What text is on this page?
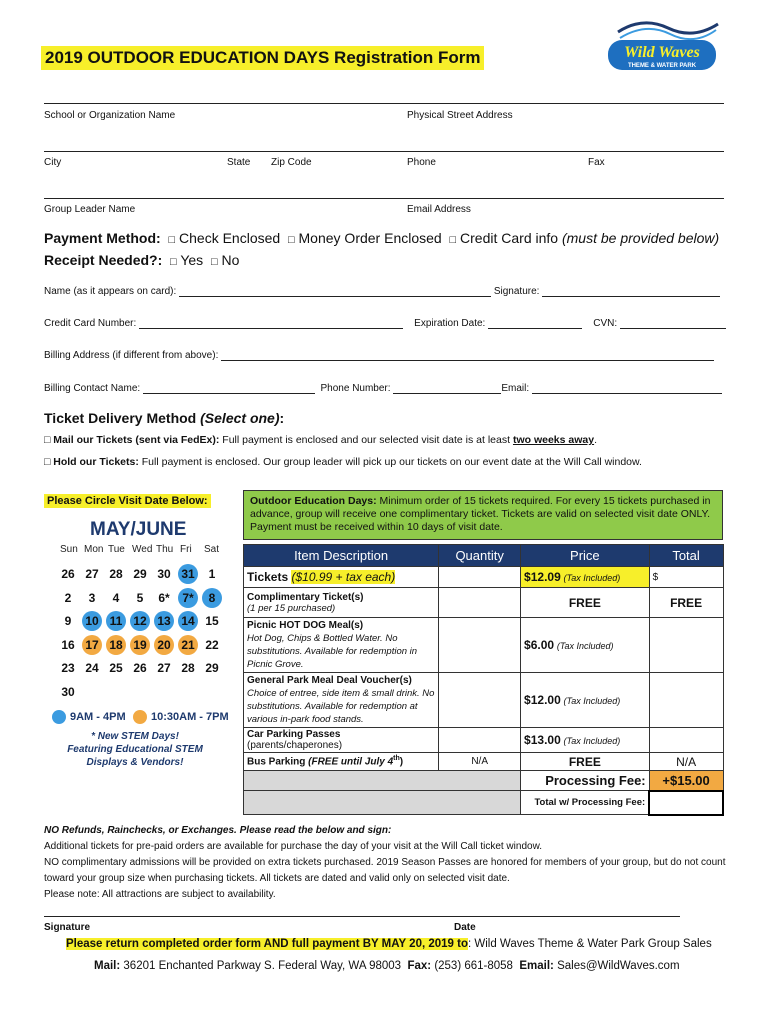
2019 OUTDOOR EDUCATION DAYS Registration Form	Wild Waves
THEME & WATER PARK
School or Organization Name	Physical Street Address
City	State Zip Code	Phone	Fax
Group Leader Name	Email Address
Payment Method: □ Check Enclosed □ Money Order Enclosed □ Credit Card info (must be provided below)
Receipt Needed?: □ Yes □ No
Name (as it appears on card):	Signature:
Credit Card Number:	Expiration Date:	CVN:
Billing Address (if different from above):
Billing Contact Name:	Phone Number:	Email:
Ticket Delivery Method (Select one):
□ Mail our Tickets (sent via FedEx): Full payment is enclosed and our selected visit date is at least two weeks away.
□ Hold our Tickets: Full payment is enclosed. Our group leader will pick up our tickets on our event date at the Will Call window.
Please Circle Visit Date Below:
MAY/JUNE
Sun Mon Tue Wed Thu Fri Sat
26 27 28 29 30 31	1
2	3	4	5	6*	7*	8
9	10 11 12 13 14 15
16 17 18 19 20 21 22
23 24 25 26 27 28 29
30
9AM - 4PM 10:30AM - 7PM
* New STEM Days!
Featuring Educational STEM
Displays & Vendors!
Outdoor Education Days: Minimum order of 15 tickets required. For every 15 tickets purchased in advance, group will receive one complimentary ticket. Tickets are valid on selected visit date ONLY. Payment must be received within 10 days of visit date.
Item Description	Quantity	Price	Total
Tickets ($10.99 + tax each)		$12.09 (Tax Included)	$
Complimentary Ticket(s)
(1 per 15 purchased)		FREE	FREE
Picnic HOT DOG Meal(s)
Hot Dog, Chips & Bottled Water. No substitutions. Available for redemption in Picnic Grove.		$6.00 (Tax Included)	
General Park Meal Deal Voucher(s)
Choice of entree, side item & small drink. No substitutions. Available for redemption at various in-park food stands.		$12.00 (Tax Included)	
Car Parking Passes (parents/chaperones)		$13.00 (Tax Included)	
Bus Parking (FREE until July 4th)	N/A	FREE	N/A
		Processing Fee:	+$15.00
		Total w/ Processing Fee:	
NO Refunds, Rainchecks, or Exchanges. Please read the below and sign:
Additional tickets for pre-paid orders are available for purchase the day of your visit at the Will Call ticket window.
NO complimentary admissions will be provided on extra tickets purchased. 2019 Season Passes are honored for members of your group, but do not count toward your group size when purchasing tickets. All tickets are dated and valid only on selected visit date.
Please note: All attractions are subject to availability.
Signature	Date
Please return completed order form AND full payment BY MAY 20, 2019 to: Wild Waves Theme & Water Park Group Sales
Mail: 36201 Enchanted Parkway S. Federal Way, WA 98003 Fax: (253) 661-8058 Email: Sales@WildWaves.com
